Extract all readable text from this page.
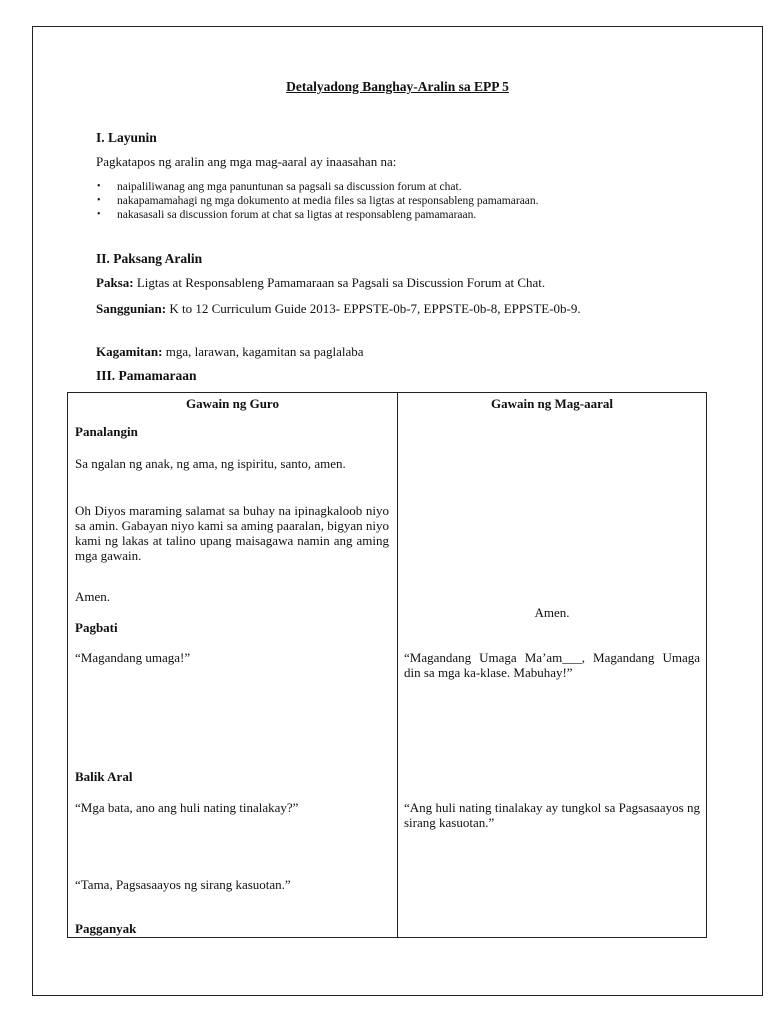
Detalyadong Banghay-Aralin sa EPP 5
I. Layunin
Pagkatapos ng aralin ang mga mag-aaral ay inaasahan na:
• naipaliliwanag ang mga panuntunan sa pagsali sa discussion forum at chat.
• nakapamamahagi ng mga dokumento at media files sa ligtas at responsableng pamamaraan.
• nakasasali sa discussion forum at chat sa ligtas at responsableng pamamaraan.
II. Paksang Aralin
Paksa: Ligtas at Responsableng Pamamaraan sa Pagsali sa Discussion Forum at Chat.
Sanggunian: K to 12 Curriculum Guide 2013- EPPSTE-0b-7, EPPSTE-0b-8, EPPSTE-0b-9.
Kagamitan: mga, larawan, kagamitan sa paglalaba
III. Pamamaraan
Gawain ng Guro	Gawain ng Mag-aaral
Panalangin
Sa ngalan ng anak, ng ama, ng ispiritu, santo, amen.
Oh Diyos maraming salamat sa buhay na ipinagkaloob niyo sa amin. Gabayan niyo kami sa aming paaralan, bigyan niyo kami ng lakas at talino upang maisagawa namin ang aming mga gawain.
Amen.
Pagbati
“Magandang umaga!”
Balik Aral
“Mga bata, ano ang huli nating tinalakay?”
“Tama, Pagsasaayos ng sirang kasuotan.”
Pagganyak
Amen.
“Magandang Umaga Ma’am___, Magandang Umaga din sa mga ka-klase. Mabuhay!”
“Ang huli nating tinalakay ay tungkol sa Pagsasaayos ng sirang kasuotan.”
